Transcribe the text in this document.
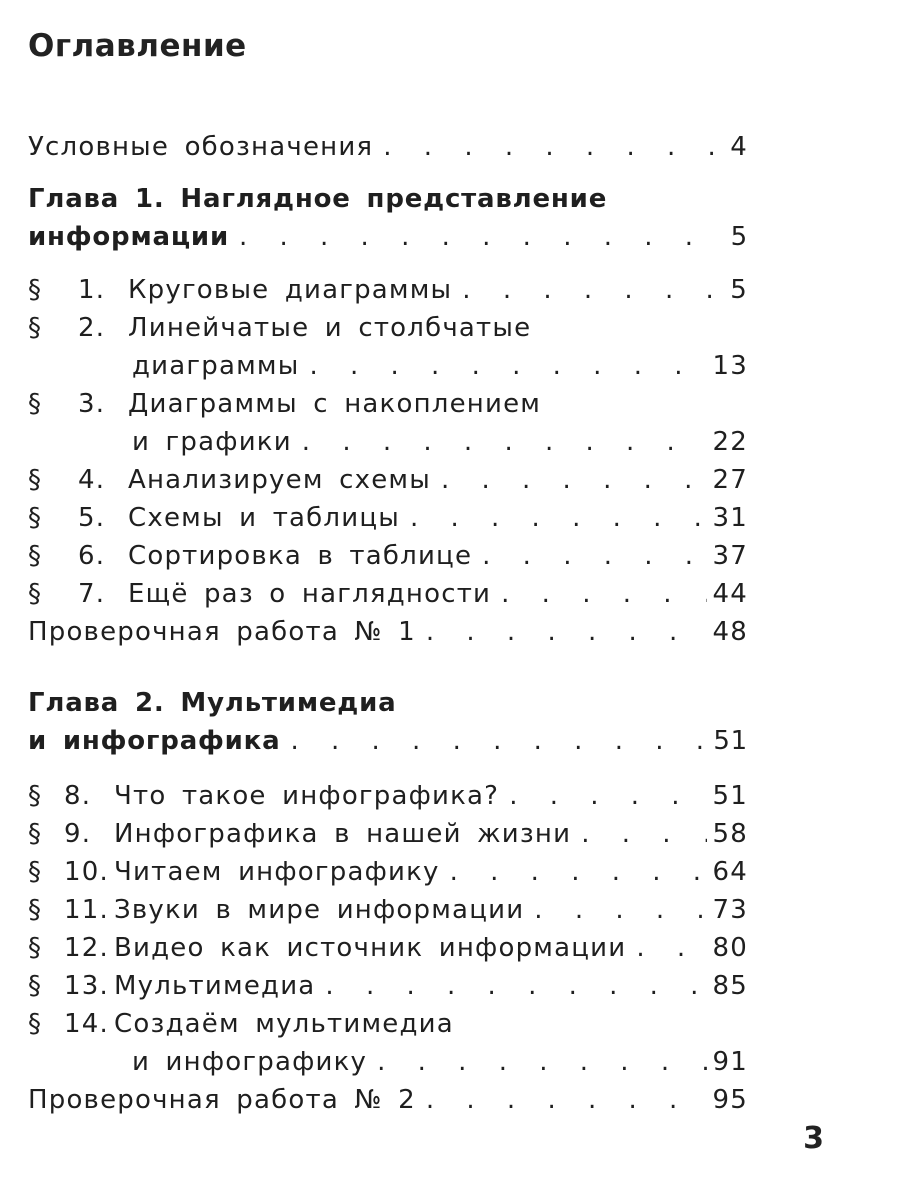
Оглавление
Условные обозначения . . .	4
Глава 1. Наглядное представление
информации . . .	5
§ 1. Круговые диаграммы . . .	5
§ 2. Линейчатые и столбчатые
диаграммы . . .	13
§ 3. Диаграммы с накоплением
и графики . . .	22
§ 4. Анализируем схемы . . .	27
§ 5. Схемы и таблицы . . .	31
§ 6. Сортировка в таблице . . .	37
§ 7. Ещё раз о наглядности . . .	44
Проверочная работа № 1 . . .	48
Глава 2. Мультимедиа
и инфографика . . .	51
§ 8. Что такое инфографика? . . .	51
§ 9. Инфографика в нашей жизни . . .	58
§ 10. Читаем инфографику . . .	64
§ 11. Звуки в мире информации . . .	73
§ 12. Видео как источник информации . . .	80
§ 13. Мультимедиа . . .	85
§ 14. Создаём мультимедиа
и инфографику . . .	91
Проверочная работа № 2 . . .	95
3
